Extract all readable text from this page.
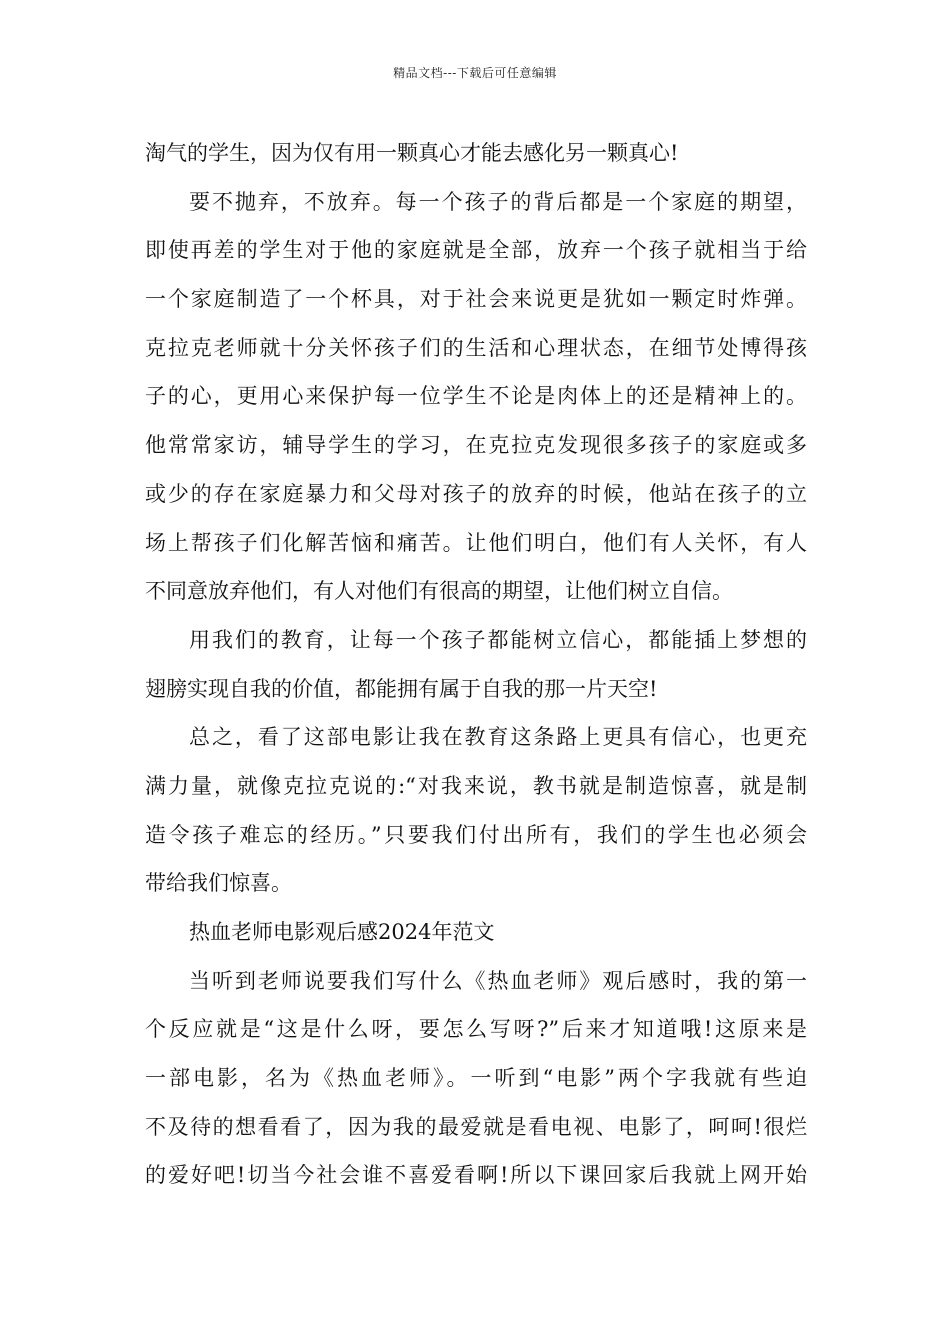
精品文档---下载后可任意编辑
淘气的学生，因为仅有用一颗真心才能去感化另一颗真心!
要不抛弃，不放弃。每一个孩子的背后都是一个家庭的期望，
即使再差的学生对于他的家庭就是全部，放弃一个孩子就相当于给
一个家庭制造了一个杯具，对于社会来说更是犹如一颗定时炸弹。
克拉克老师就十分关怀孩子们的生活和心理状态，在细节处博得孩
子的心，更用心来保护每一位学生不论是肉体上的还是精神上的。
他常常家访，辅导学生的学习，在克拉克发现很多孩子的家庭或多
或少的存在家庭暴力和父母对孩子的放弃的时候，他站在孩子的立
场上帮孩子们化解苦恼和痛苦。让他们明白，他们有人关怀，有人
不同意放弃他们，有人对他们有很高的期望，让他们树立自信。
用我们的教育，让每一个孩子都能树立信心，都能插上梦想的
翅膀实现自我的价值，都能拥有属于自我的那一片天空!
总之，看了这部电影让我在教育这条路上更具有信心，也更充
满力量，就像克拉克说的:“对我来说，教书就是制造惊喜，就是制
造令孩子难忘的经历。”只要我们付出所有，我们的学生也必须会
带给我们惊喜。
热血老师电影观后感2024年范文
当听到老师说要我们写什么《热血老师》观后感时，我的第一
个反应就是“这是什么呀，要怎么写呀?”后来才知道哦!这原来是
一部电影，名为《热血老师》。一听到“电影”两个字我就有些迫
不及待的想看看了，因为我的最爱就是看电视、电影了，呵呵!很烂
的爱好吧!切当今社会谁不喜爱看啊!所以下课回家后我就上网开始
